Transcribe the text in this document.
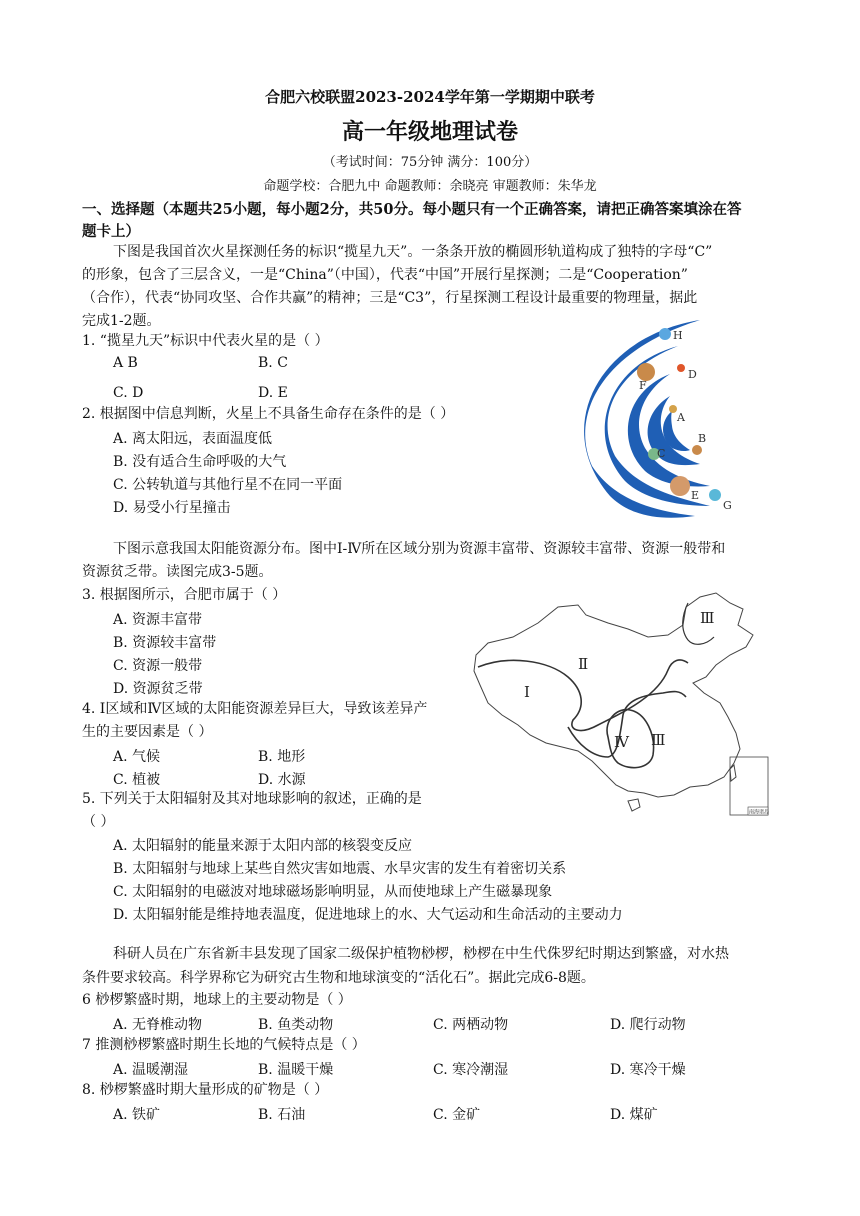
合肥六校联盟2023-2024学年第一学期期中联考
高一年级地理试卷
（考试时间：75分钟 满分：100分）
命题学校：合肥九中 命题教师：余晓亮 审题教师：朱华龙
一、选择题（本题共25小题，每小题2分，共50分。每小题只有一个正确答案，请把正确答案填涂在答
题卡上）
下图是我国首次火星探测任务的标识“揽星九天”。一条条开放的椭圆形轨道构成了独特的字母“C”
的形象，包含了三层含义，一是“China”（中国），代表“中国”开展行星探测；二是“Cooperation”
（合作），代表“协同攻坚、合作共赢”的精神；三是“C3”，行星探测工程设计最重要的物理量，据此
完成1-2题。
1. “揽星九天”标识中代表火星的是（ ）
A B	B. C
C. D	D. E
2. 根据图中信息判断，火星上不具备生命存在条件的是（ ）
A. 离太阳远，表面温度低
B. 没有适合生命呼吸的大气
C. 公转轨道与其他行星不在同一平面
D. 易受小行星撞击
H
D
F
A
B
C
E
G
下图示意我国太阳能资源分布。图中Ⅰ-Ⅳ所在区域分别为资源丰富带、资源较丰富带、资源一般带和
资源贫乏带。读图完成3-5题。
3. 根据图所示，合肥市属于（ ）
A. 资源丰富带
B. 资源较丰富带
C. 资源一般带
D. 资源贫乏带
4. Ⅰ区域和Ⅳ区域的太阳能资源差异巨大，导致该差异产
生的主要因素是（ ）
A. 气候	B. 地形
C. 植被	D. 水源
Ⅰ
Ⅱ
Ⅲ
Ⅲ
Ⅳ
南海诸岛
5. 下列关于太阳辐射及其对地球影响的叙述，正确的是
（ ）
A. 太阳辐射的能量来源于太阳内部的核裂变反应
B. 太阳辐射与地球上某些自然灾害如地震、水旱灾害的发生有着密切关系
C. 太阳辐射的电磁波对地球磁场影响明显，从而使地球上产生磁暴现象
D. 太阳辐射能是维持地表温度，促进地球上的水、大气运动和生命活动的主要动力
科研人员在广东省新丰县发现了国家二级保护植物桫椤，桫椤在中生代侏罗纪时期达到繁盛，对水热
条件要求较高。科学界称它为研究古生物和地球演变的“活化石”。据此完成6-8题。
6 桫椤繁盛时期，地球上的主要动物是（ ）
A. 无脊椎动物	B. 鱼类动物	C. 两栖动物	D. 爬行动物
7 推测桫椤繁盛时期生长地的气候特点是（ ）
A. 温暖潮湿	B. 温暖干燥	C. 寒冷潮湿	D. 寒冷干燥
8. 桫椤繁盛时期大量形成的矿物是（ ）
A. 铁矿	B. 石油	C. 金矿	D. 煤矿
